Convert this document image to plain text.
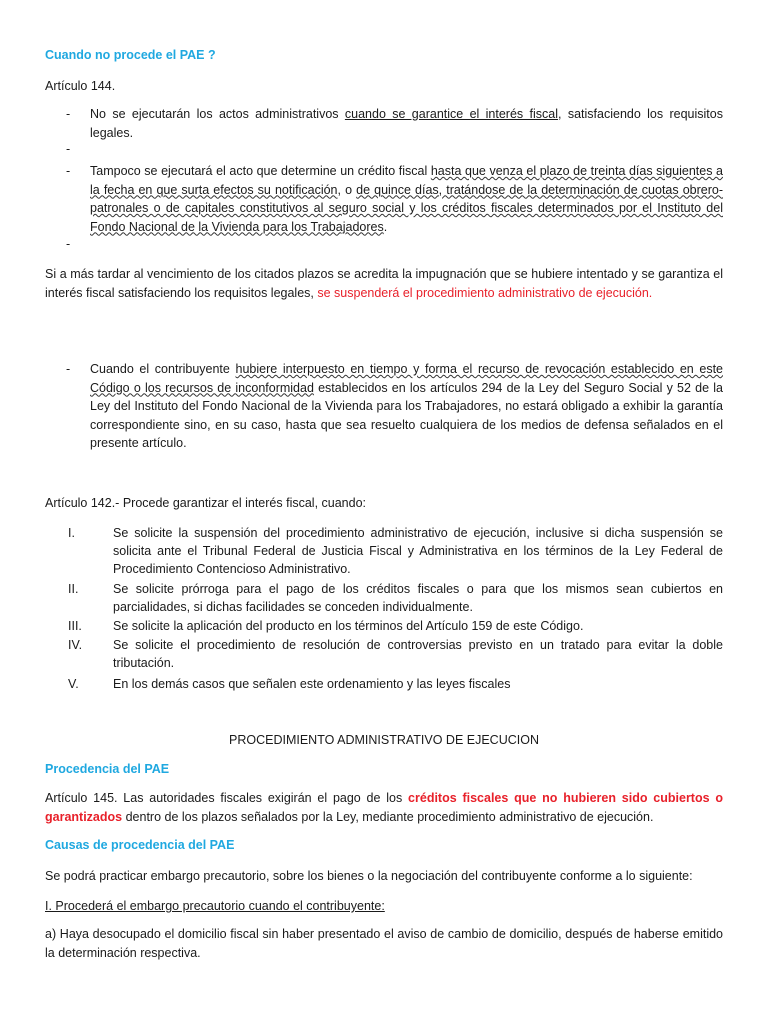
Cuando no procede el PAE ?
Artículo 144.
- No se ejecutarán los actos administrativos cuando se garantice el interés fiscal, satisfaciendo los requisitos legales.
-
- Tampoco se ejecutará el acto que determine un crédito fiscal hasta que venza el plazo de treinta días siguientes a la fecha en que surta efectos su notificación, o de quince días, tratándose de la determinación de cuotas obrero-patronales o de capitales constitutivos al seguro social y los créditos fiscales determinados por el Instituto del Fondo Nacional de la Vivienda para los Trabajadores.
-
Si a más tardar al vencimiento de los citados plazos se acredita la impugnación que se hubiere intentado y se garantiza el interés fiscal satisfaciendo los requisitos legales, se suspenderá el procedimiento administrativo de ejecución.
- Cuando el contribuyente hubiere interpuesto en tiempo y forma el recurso de revocación establecido en este Código o los recursos de inconformidad establecidos en los artículos 294 de la Ley del Seguro Social y 52 de la Ley del Instituto del Fondo Nacional de la Vivienda para los Trabajadores, no estará obligado a exhibir la garantía correspondiente sino, en su caso, hasta que sea resuelto cualquiera de los medios de defensa señalados en el presente artículo.
Artículo 142.- Procede garantizar el interés fiscal, cuando:
I.	Se solicite la suspensión del procedimiento administrativo de ejecución, inclusive si dicha suspensión se solicita ante el Tribunal Federal de Justicia Fiscal y Administrativa en los términos de la Ley Federal de Procedimiento Contencioso Administrativo.
II.	Se solicite prórroga para el pago de los créditos fiscales o para que los mismos sean cubiertos en parcialidades, si dichas facilidades se conceden individualmente.
III. Se solicite la aplicación del producto en los términos del Artículo 159 de este Código.
IV. Se solicite el procedimiento de resolución de controversias previsto en un tratado para evitar la doble tributación.
V.	En los demás casos que señalen este ordenamiento y las leyes fiscales
PROCEDIMIENTO ADMINISTRATIVO DE EJECUCION
Procedencia del PAE
Artículo 145. Las autoridades fiscales exigirán el pago de los créditos fiscales que no hubieren sido cubiertos o garantizados dentro de los plazos señalados por la Ley, mediante procedimiento administrativo de ejecución.
Causas de procedencia del PAE
Se podrá practicar embargo precautorio, sobre los bienes o la negociación del contribuyente conforme a lo siguiente:
I. Procederá el embargo precautorio cuando el contribuyente:
a) Haya desocupado el domicilio fiscal sin haber presentado el aviso de cambio de domicilio, después de haberse emitido la determinación respectiva.
